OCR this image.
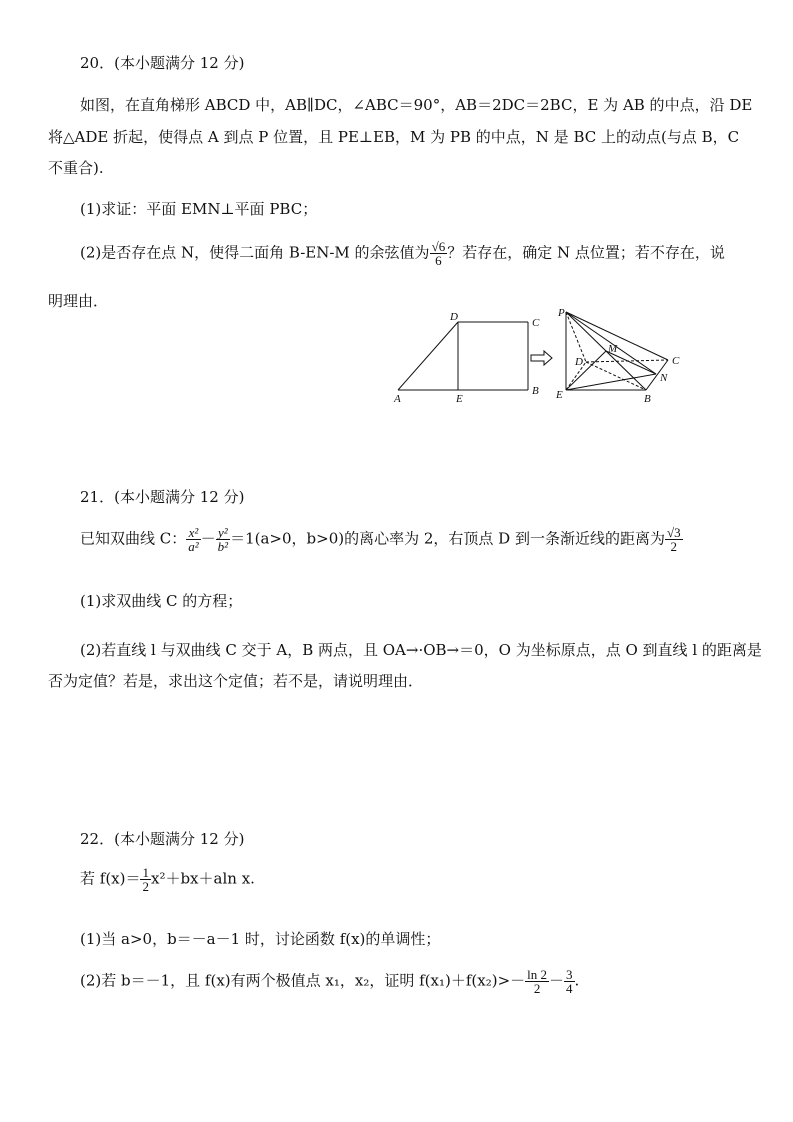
20．(本小题满分 12 分)
如图，在直角梯形 ABCD 中，AB∥DC，∠ABC＝90°，AB＝2DC＝2BC，E 为 AB 的中点，沿 DE
将△ADE 折起，使得点 A 到点 P 位置，且 PE⊥EB，M 为 PB 的中点，N 是 BC 上的动点(与点 B，C
不重合).
(1)求证：平面 EMN⊥平面 PBC；
(2)是否存在点 N，使得二面角 B-EN-M 的余弦值为 $\frac{√6}{6}$ ？若存在，确定 N 点位置；若不存在，说
明理由．
D	C
A	E
B
P
D
M
C
N
E	B
21．(本小题满分 12 分)
已知双曲线 C： $\frac{\text{x²}}{\text{a²}} - \frac{\text{y²}}{\text{b²}} =1(a>0$，b>0)的离心率为 2，右顶点 D 到一条渐近线的距离为 $\frac{√3}{2}$
(1)求双曲线 C 的方程；
(2)若直线 l 与双曲线 C 交于 A，B 两点，且 OA→·OB→＝0，O 为坐标原点，点 O 到直线 l 的距离是
否为定值？若是，求出这个定值；若不是，请说明理由．
22．(本小题满分 12 分)
若 $f(x)= \frac{1}{2} x^2+bx+aln$ x.
(1)当 a>0，b＝－a－1 时，讨论函数 f(x)的单调性；
(2)若 b＝－1，且 f(x)有两个极值点 x₁，x₂，证明 $f(x_1)+f(x_2)>- \frac{\ln 2}{2} - \frac{3}{4}$ .
